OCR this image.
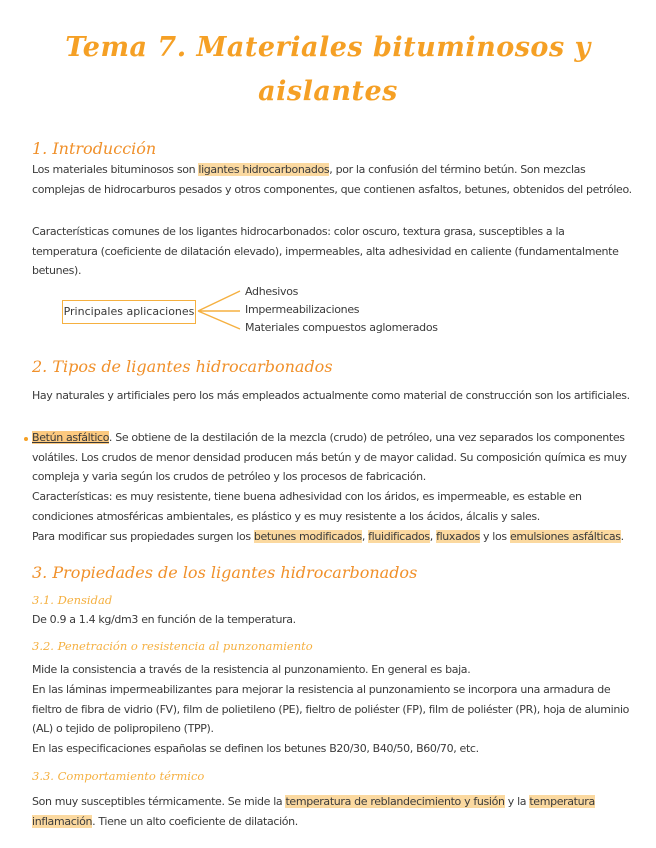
Tema 7. Materiales bituminosos y
aislantes
1. Introducción
Los materiales bituminosos son ligantes hidrocarbonados, por la confusión del término betún. Son mezclas complejas de hidrocarburos pesados y otros componentes, que contienen asfaltos, betunes, obtenidos del petróleo.
Características comunes de los ligantes hidrocarbonados: color oscuro, textura grasa, susceptibles a la temperatura (coeficiente de dilatación elevado), impermeables, alta adhesividad en caliente (fundamentalmente betunes).
Principales aplicaciones
Adhesivos
Impermeabilizaciones
Materiales compuestos aglomerados
2. Tipos de ligantes hidrocarbonados
Hay naturales y artificiales pero los más empleados actualmente como material de construcción son los artificiales.
Betún asfáltico. Se obtiene de la destilación de la mezcla (crudo) de petróleo, una vez separados los componentes volátiles. Los crudos de menor densidad producen más betún y de mayor calidad. Su composición química es muy compleja y varia según los crudos de petróleo y los procesos de fabricación.
Características: es muy resistente, tiene buena adhesividad con los áridos, es impermeable, es estable en condiciones atmosféricas ambientales, es plástico y es muy resistente a los ácidos, álcalis y sales.
Para modificar sus propiedades surgen los betunes modificados, fluidificados, fluxados y los emulsiones asfálticas.
3. Propiedades de los ligantes hidrocarbonados
3.1. Densidad
De 0.9 a 1.4 kg/dm3 en función de la temperatura.
3.2. Penetración o resistencia al punzonamiento
Mide la consistencia a través de la resistencia al punzonamiento. En general es baja.
En las láminas impermeabilizantes para mejorar la resistencia al punzonamiento se incorpora una armadura de fieltro de fibra de vidrio (FV), film de polietileno (PE), fieltro de poliéster (FP), film de poliéster (PR), hoja de aluminio (AL) o tejido de polipropileno (TPP).
En las especificaciones españolas se definen los betunes B20/30, B40/50, B60/70, etc.
3.3. Comportamiento térmico
Son muy susceptibles térmicamente. Se mide la temperatura de reblandecimiento y fusión y la temperatura inflamación. Tiene un alto coeficiente de dilatación.
